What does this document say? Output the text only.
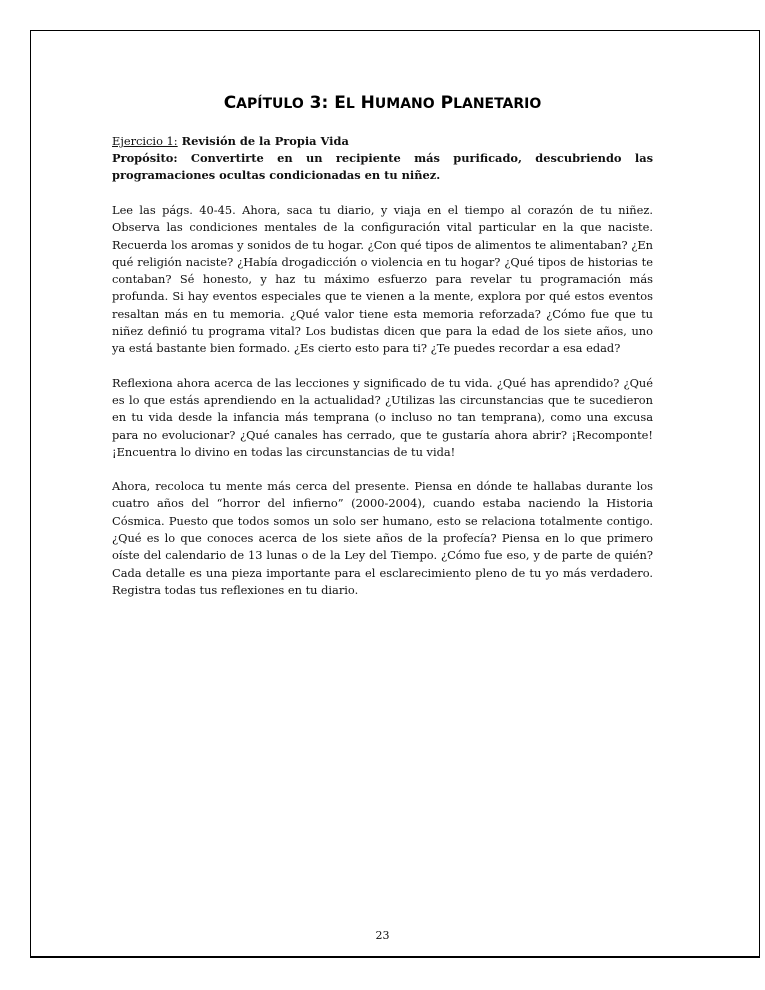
CAPÍTULO 3: EL HUMANO PLANETARIO

Ejercicio 1: Revisión de la Propia Vida

Propósito: Convertirte en un recipiente más purificado, descubriendo las programaciones ocultas condicionadas en tu niñez.

Lee las págs. 40-45. Ahora, saca tu diario, y viaja en el tiempo al corazón de tu niñez. Observa las condiciones mentales de la configuración vital particular en la que naciste. Recuerda los aromas y sonidos de tu hogar. ¿Con qué tipos de alimentos te alimentaban? ¿En qué religión naciste? ¿Había drogadicción o violencia en tu hogar? ¿Qué tipos de historias te contaban? Sé honesto, y haz tu máximo esfuerzo para revelar tu programación más profunda. Si hay eventos especiales que te vienen a la mente, explora por qué estos eventos resaltan más en tu memoria. ¿Qué valor tiene esta memoria reforzada? ¿Cómo fue que tu niñez definió tu programa vital? Los budistas dicen que para la edad de los siete años, uno ya está bastante bien formado. ¿Es cierto esto para ti? ¿Te puedes recordar a esa edad?

Reflexiona ahora acerca de las lecciones y significado de tu vida. ¿Qué has aprendido? ¿Qué es lo que estás aprendiendo en la actualidad? ¿Utilizas las circunstancias que te sucedieron en tu vida desde la infancia más temprana (o incluso no tan temprana), como una excusa para no evolucionar? ¿Qué canales has cerrado, que te gustaría ahora abrir? ¡Recomponte! ¡Encuentra lo divino en todas las circunstancias de tu vida!

Ahora, recoloca tu mente más cerca del presente. Piensa en dónde te hallabas durante los cuatro años del “horror del infierno” (2000-2004), cuando estaba naciendo la Historia Cósmica. Puesto que todos somos un solo ser humano, esto se relaciona totalmente contigo. ¿Qué es lo que conoces acerca de los siete años de la profecía? Piensa en lo que primero oíste del calendario de 13 lunas o de la Ley del Tiempo. ¿Cómo fue eso, y de parte de quién? Cada detalle es una pieza importante para el esclarecimiento pleno de tu yo más verdadero. Registra todas tus reflexiones en tu diario.

23
